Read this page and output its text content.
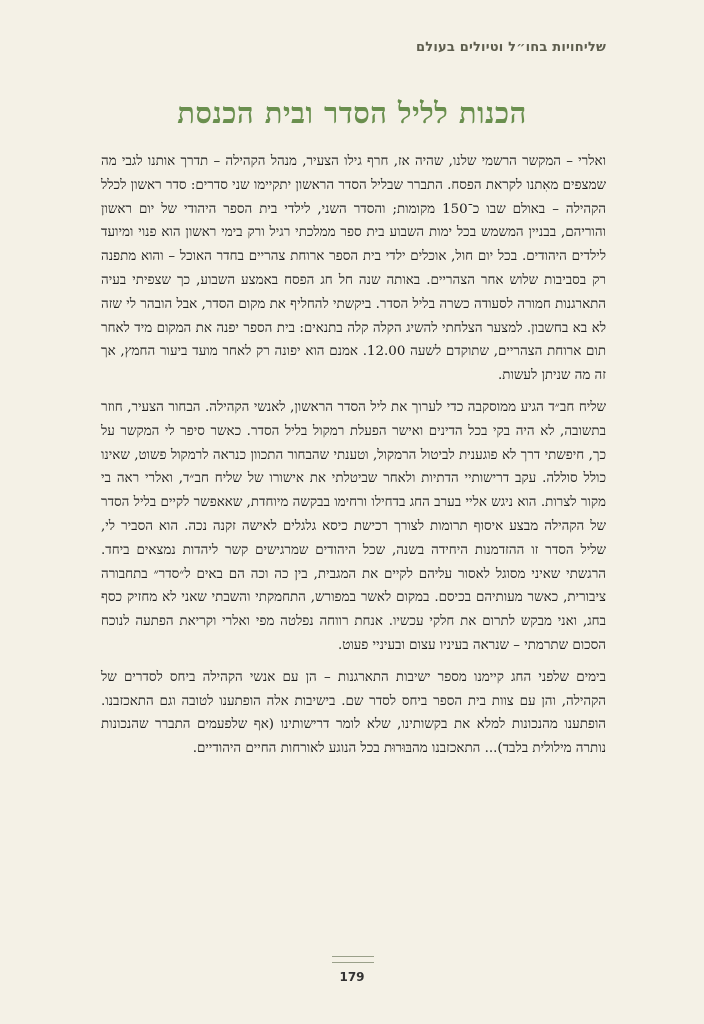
שליחויות בחו״ל וטיולים בעולם
הכנות לליל הסדר ובית הכנסת

ואלרי – המקשר הרשמי שלנו, שהיה אז, חרף גילו הצעיר, מנהל הקהילה – תדרך אותנו לגבי מה שמצפים מאִתנו לקראת הפסח. התברר שבליל הסדר הראשון יתקיימו שני סדרים: סדר ראשון לכלל הקהילה – באולם שבו כ־150 מקומות; והסדר השני, לילדי בית הספר היהודי של יום ראשון והוריהם, בבניין המשמש בכל ימות השבוע בית ספר ממלכתי רגיל ורק בימי ראשון הוא פנוי ומיועד לילדים היהודים. בכל יום חול, אוכלים ילדי בית הספר ארוחת צהריים בחדר האוכל – והוא מתפנה רק בסביבות שלוש אחר הצהריים. באותה שנה חל חג הפסח באמצע השבוע, כך שצפיתי בעיה התארגנות חמורה לסעודה כשרה בליל הסדר. ביקשתי להחליף את מקום הסדר, אבל הובהר לי שזה לא בא בחשבון. למצער הצלחתי להשיג הקלה קלה בתנאים: בית הספר יפנה את המקום מיד לאחר תום ארוחת הצהריים, שתוקדם לשעה 12.00. אמנם הוא יפונה רק לאחר מועד ביעור החמץ, אך זה מה שניתן לעשות.

שליח חב״ד הגיע ממוסקבה כדי לערוך את ליל הסדר הראשון, לאנשי הקהילה. הבחור הצעיר, חוזר בתשובה, לא היה בקי בכל הדינים ואישר הפעלת רמקול בליל הסדר. כאשר סיפר לי המקשר על כך, חיפשתי דרך לא פוגענית לביטול הרמקול, וטענתי שהבחור התכוון כנראה לרמקול פשוט, שאינו כולל סוללה. עקב דרישותיי הדתיות ולאחר שביטלתי את אישורו של שליח חב״ד, ואלרי ראה בי מקור לצרות. הוא ניגש אליי בערב החג בדחילו ורחימו בבקשה מיוחדת, שאאפשר לקיים בליל הסדר של הקהילה מבצע איסוף תרומות לצורך רכישת כיסא גלגלים לאישה זקנה נכה. הוא הסביר לי, שליל הסדר זו ההזדמנות היחידה בשנה, שכל היהודים שמרגישים קשר ליהדות נמצאים ביחד. הרגשתי שאיני מסוגל לאסור עליהם לקיים את המגבית, בין כה וכה הם באים ל״סדר״ בתחבורה ציבורית, כאשר מעותיהם בכיסם. במקום לאשר במפורש, התחמקתי והשבתי שאני לא מחזיק כסף בחג, ואני מבקש לתרום את חלקי עכשיו. אנחת רווחה נפלטה מפי ואלרי וקריאת הפתעה לנוכח הסכום שתרמתי – שנראה בעיניו עצום ובעיניי פעוט.

בימים שלפני החג קיימנו מספר ישיבות התארגנות – הן עם אנשי הקהילה ביחס לסדרים של הקהילה, והן עם צוות בית הספר ביחס לסדר שם. בישיבות אלה הופתענו לטובה וגם התאכזבנו. הופתענו מהנכונות למלא את בקשותינו, שלא לומר דרישותינו (אף שלפעמים התברר שהנכונות נותרה מילולית בלבד)... התאכזבנו מהבּוּרוּת בכל הנוגע לאורחות החיים היהודיים.

179
